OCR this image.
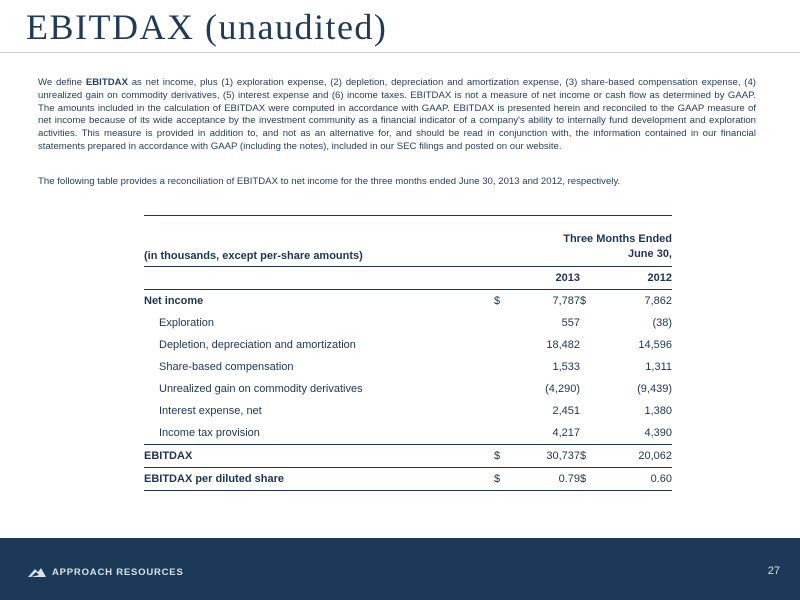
EBITDAX (unaudited)
We define EBITDAX as net income, plus (1) exploration expense, (2) depletion, depreciation and amortization expense, (3) share-based compensation expense, (4) unrealized gain on commodity derivatives, (5) interest expense and (6) income taxes. EBITDAX is not a measure of net income or cash flow as determined by GAAP. The amounts included in the calculation of EBITDAX were computed in accordance with GAAP. EBITDAX is presented herein and reconciled to the GAAP measure of net income because of its wide acceptance by the investment community as a financial indicator of a company's ability to internally fund development and exploration activities. This measure is provided in addition to, and not as an alternative for, and should be read in conjunction with, the information contained in our financial statements prepared in accordance with GAAP (including the notes), included in our SEC filings and posted on our website.
The following table provides a reconciliation of EBITDAX to net income for the three months ended June 30, 2013 and 2012, respectively.
(in thousands, except per-share amounts)	Three Months Ended
June 30,			

		2013		2012
Net income	$	7,787	$	7,862
Exploration		557		(38)
Depletion, depreciation and amortization		18,482		14,596
Share-based compensation		1,533		1,311
Unrealized gain on commodity derivatives		(4,290)		(9,439)
Interest expense, net		2,451		1,380
Income tax provision		4,217		4,390
EBITDAX	$	30,737	$	20,062
EBITDAX per diluted share	$	0.79	$	0.60
APPROACH RESOURCES	27
